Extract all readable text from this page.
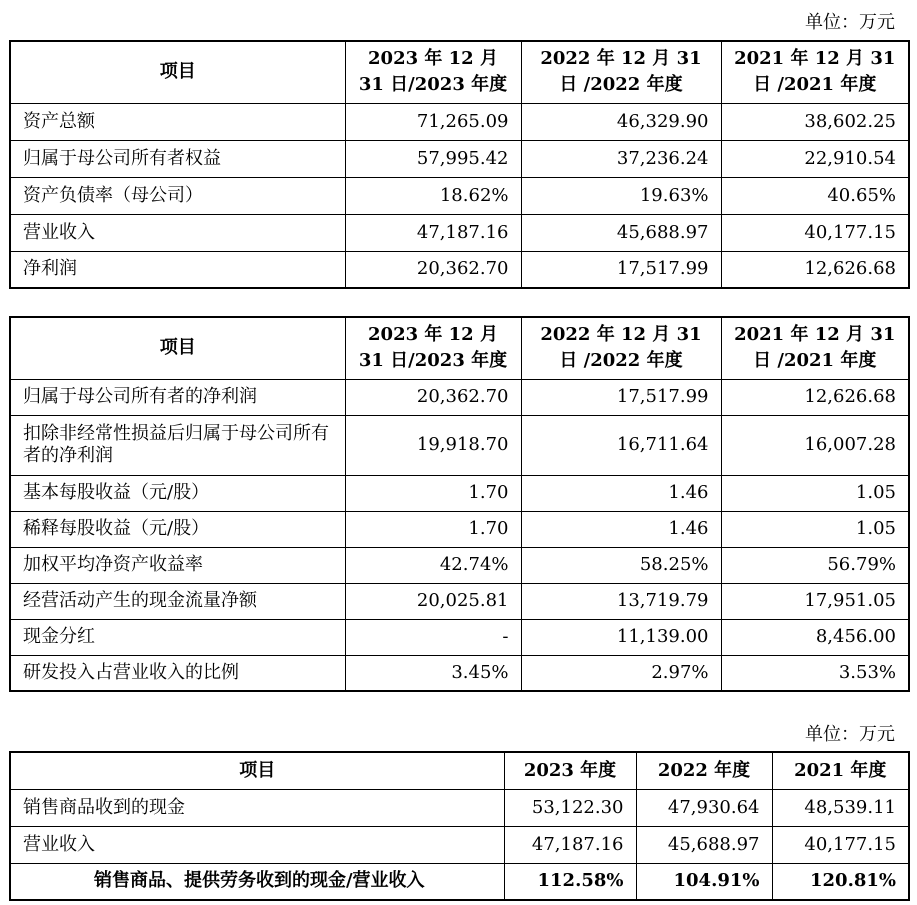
单位：万元
项目	2023 年 12 月 31 日/2023 年度	2022 年 12 月 31 日 /2022 年度	2021 年 12 月 31 日 /2021 年度
资产总额	71,265.09	46,329.90	38,602.25
归属于母公司所有者权益	57,995.42	37,236.24	22,910.54
资产负债率（母公司）	18.62%	19.63%	40.65%
营业收入	47,187.16	45,688.97	40,177.15
净利润	20,362.70	17,517.99	12,626.68
项目	2023 年 12 月 31 日/2023 年度	2022 年 12 月 31 日 /2022 年度	2021 年 12 月 31 日 /2021 年度
归属于母公司所有者的净利润	20,362.70	17,517.99	12,626.68
扣除非经常性损益后归属于母公司所有者的净利润	19,918.70	16,711.64	16,007.28
基本每股收益（元/股）	1.70	1.46	1.05
稀释每股收益（元/股）	1.70	1.46	1.05
加权平均净资产收益率	42.74%	58.25%	56.79%
经营活动产生的现金流量净额	20,025.81	13,719.79	17,951.05
现金分红	-	11,139.00	8,456.00
研发投入占营业收入的比例	3.45%	2.97%	3.53%
单位：万元
项目	2023 年度	2022 年度	2021 年度
销售商品收到的现金	53,122.30	47,930.64	48,539.11
营业收入	47,187.16	45,688.97	40,177.15
销售商品、提供劳务收到的现金/营业收入	112.58%	104.91%	120.81%
